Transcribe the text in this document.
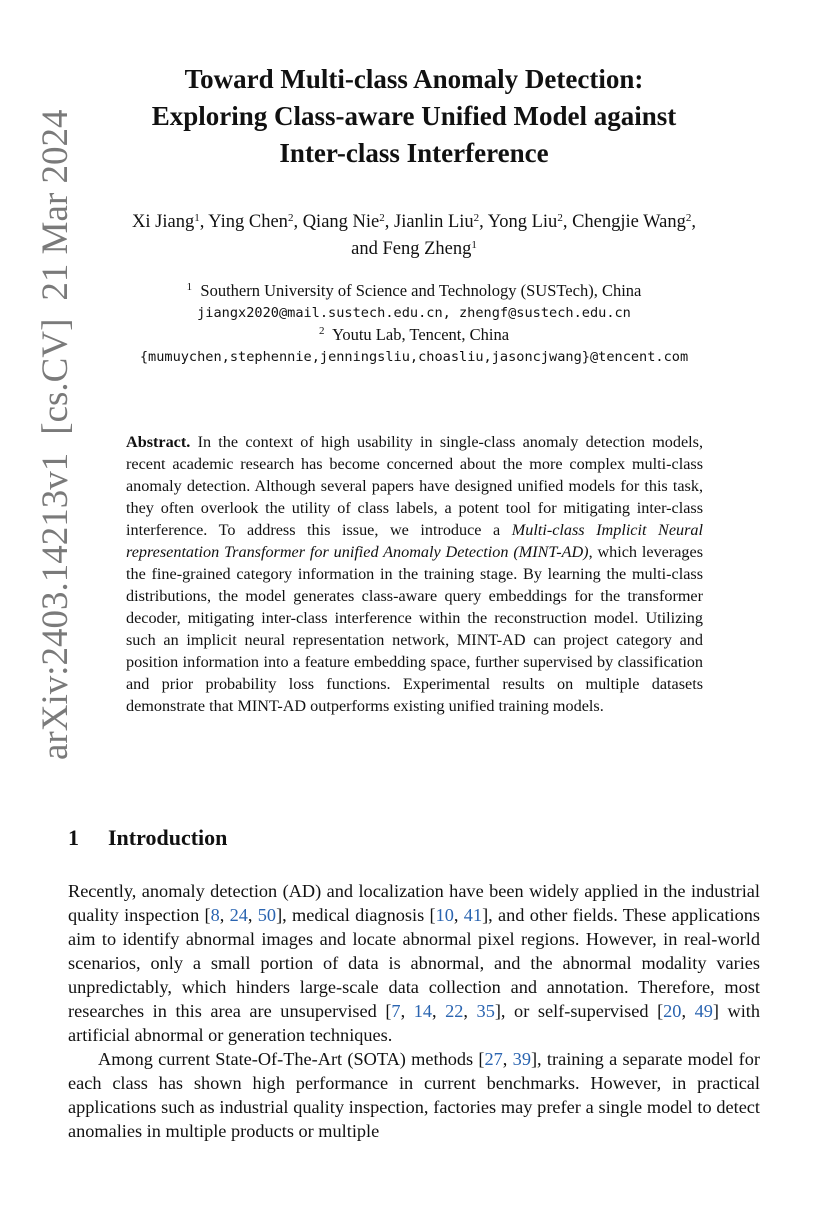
arXiv:2403.14213v1[cs.CV]21 Mar 2024
Toward Multi-class Anomaly Detection:
Exploring Class-aware Unified Model against
Inter-class Interference
Xi Jiang$^1$, Ying Chen$^2$, Qiang Nie$^2$, Jianlin Liu$^2$, Yong Liu$^2$, Chengjie Wang$^2$,
and Feng Zheng$^1$
$^1$ Southern University of Science and Technology (SUSTech), China
jiangx2020@mail.sustech.edu.cn, zhengf@sustech.edu.cn
$^2$ Youtu Lab, Tencent, China
{mumuychen,stephennie,jenningsliu,choasliu,jasoncjwang}@tencent.com
Abstract. In the context of high usability in single-class anomaly detection models, recent academic research has become concerned about the more complex multi-class anomaly detection. Although several papers have designed unified models for this task, they often overlook the utility of class labels, a potent tool for mitigating inter-class interference. To address this issue, we introduce a Multi-class Implicit Neural representation Transformer for unified Anomaly Detection (MINT-AD), which leverages the fine-grained category information in the training stage. By learning the multi-class distributions, the model generates class-aware query embeddings for the transformer decoder, mitigating inter-class interference within the reconstruction model. Utilizing such an implicit neural representation network, MINT-AD can project category and position information into a feature embedding space, further supervised by classification and prior probability loss functions. Experimental results on multiple datasets demonstrate that MINT-AD outperforms existing unified training models.
1 Introduction

Recently, anomaly detection (AD) and localization have been widely applied in the industrial quality inspection [8, 24, 50], medical diagnosis [10, 41], and other fields. These applications aim to identify abnormal images and locate abnormal pixel regions. However, in real-world scenarios, only a small portion of data is abnormal, and the abnormal modality varies unpredictably, which hinders large-scale data collection and annotation. Therefore, most researches in this area are unsupervised [7, 14, 22, 35], or self-supervised [20, 49] with artificial abnormal or generation techniques.

Among current State-Of-The-Art (SOTA) methods [27, 39], training a separate model for each class has shown high performance in current benchmarks. However, in practical applications such as industrial quality inspection, factories may prefer a single model to detect anomalies in multiple products or multiple
